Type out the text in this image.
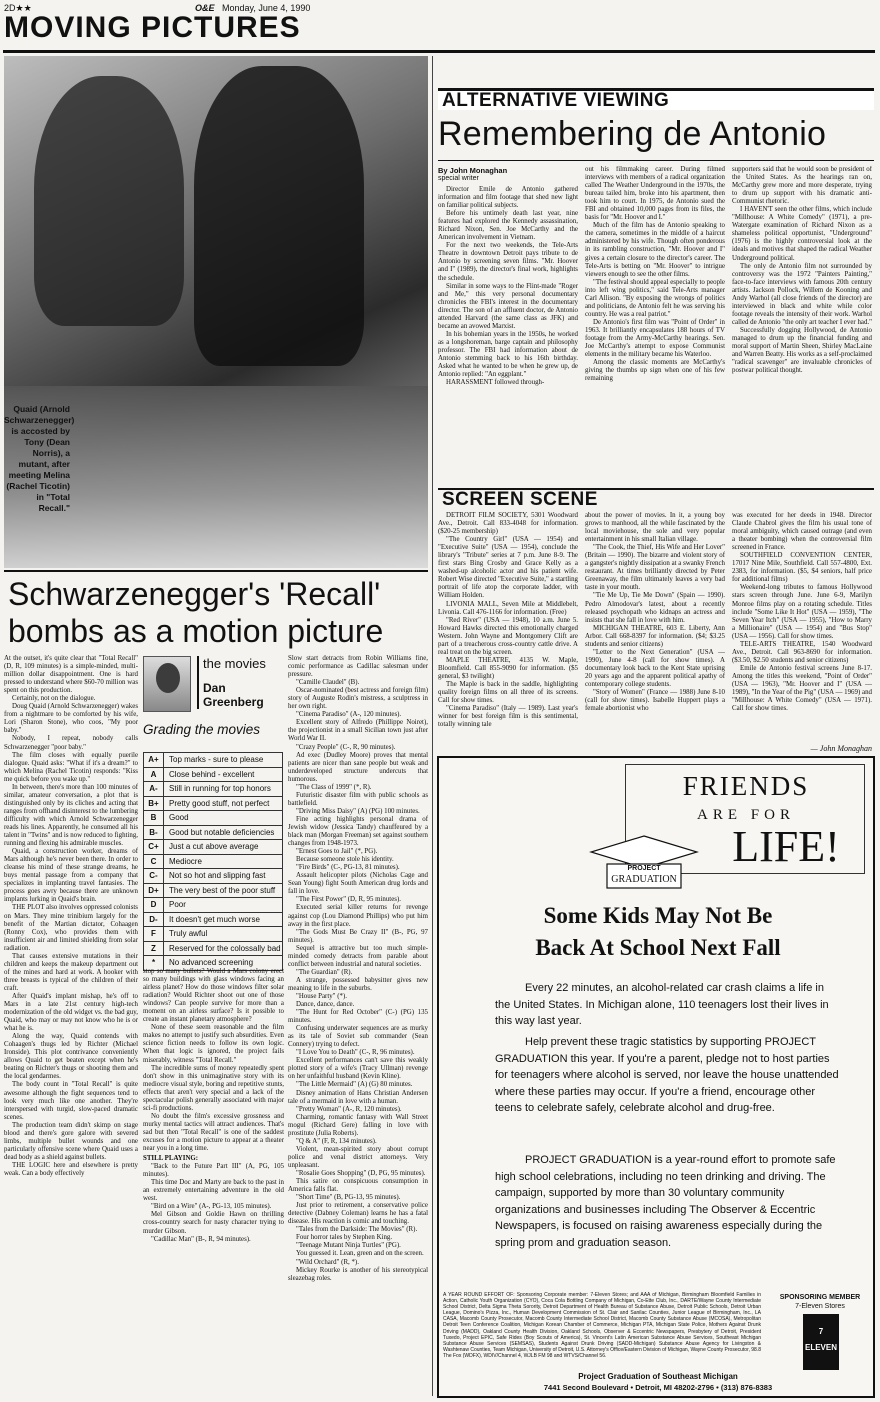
2D★★	O&E Monday, June 4, 1990
MOVING PICTURES
Quaid (Arnold Schwarzenegger) is accosted by Tony (Dean Norris), a mutant, after meeting Melina (Rachel Ticotin) in "Total Recall."
Schwarzenegger's 'Recall' bombs as a motion picture

At the outset, it's quite clear that "Total Recall" (D, R, 109 minutes) is a simple-minded, multi-million dollar disappointment. One is hard pressed to understand where $60-70 million was spent on this production.

Certainly, not on the dialogue.

Doug Quaid (Arnold Schwarzenegger) wakes from a nightmare to be comforted by his wife, Lori (Sharon Stone), who coos, "My poor baby."

Nobody, I repeat, nobody calls Schwarzenegger "poor baby."

The film closes with equally puerile dialogue. Quaid asks: "What if it's a dream?" to which Melina (Rachel Ticotin) responds: "Kiss me quick before you wake up."

In between, there's more than 100 minutes of similar, amateur conversation, a plot that is distinguished only by its cliches and acting that ranges from offhand disinterest to the lumbering difficulty with which Arnold Schwarzenegger reads his lines. Apparently, he consumed all his talent in "Twins" and is now reduced to fighting, running and flexing his admirable muscles.

Quaid, a construction worker, dreams of Mars although he's never been there. In order to cleanse his mind of these strange dreams, he buys mental passage from a company that specializes in implanting travel fantasies. The process goes awry because there are unknown implants lurking in Quaid's brain.

THE PLOT also involves oppressed colonists on Mars. They mine trinibium largely for the benefit of the Martian dictator, Cohaagen (Ronny Cox), who provides them with insufficient air and limited shielding from solar radiation.

That causes extensive mutations in their children and keeps the makeup department out of the mines and hard at work. A hooker with three breasts is typical of the children of their craft.

After Quaid's implant mishap, he's off to Mars in a late 21st century high-tech modernization of the old widget vs. the bad guy, Quaid, who may or may not know who he is or what he is.

Along the way, Quaid contends with Cohaagen's thugs led by Richter (Michael Ironside). This plot contrivance conveniently allows Quaid to get beaten except when he's beating on Richter's thugs or shooting them and the local gendarmes.

The body count in "Total Recall" is quite awesome although the fight sequences tend to look very much like one another. They're interspersed with turgid, slow-paced dramatic scenes.

The production team didn't skimp on stage blood and there's gore galore with severed limbs, multiple bullet wounds and one particularly offensive scene where Quaid uses a dead body as a shield against bullets.

THE LOGIC here and elsewhere is pretty weak. Can a body effectively

the movies
Dan
Greenberg
Grading the movies
A+	Top marks - sure to please
A	Close behind - excellent
A-	Still in running for top honors
B+	Pretty good stuff, not perfect
B	Good
B-	Good but notable deficiencies
C+	Just a cut above average
C	Mediocre
C-	Not so hot and slipping fast
D+	The very best of the poor stuff
D	Poor
D-	It doesn't get much worse
F	Truly awful
Z	Reserved for the colossally bad
*	No advanced screening

stop so many bullets? Would a Mars colony erect so many buildings with glass windows facing an airless planet? How do those windows filter solar radiation? Would Richter shoot out one of those windows? Can people survive for more than a moment on an airless surface? Is it possible to create an instant planetary atmosphere?

None of these seem reasonable and the film makes no attempt to justify such absurdities. Even science fiction needs to follow its own logic. When that logic is ignored, the project fails miserably, witness "Total Recall."

The incredible sums of money repeatedly spent don't show in this unimaginative story with its mediocre visual style, boring and repetitive stunts, effects that aren't very special and a lack of the spectacular polish generally associated with major sci-fi productions.

No doubt the film's excessive grossness and murky mental tactics will attract audiences. That's sad but then "Total Recall" is one of the saddest excuses for a motion picture to appear at a theater near you in a long time.

STILL PLAYING:

"Back to the Future Part III" (A, PG, 105 minutes).

This time Doc and Marty are back to the past in an extremely entertaining adventure in the old west.

"Bird on a Wire" (A-, PG-13, 105 minutes).

Mel Gibson and Goldie Hawn on thrilling cross-country search for nasty character trying to murder Gibson.

"Cadillac Man" (B-, R, 94 minutes).

Slow start detracts from Robin Williams fine, comic performance as Cadillac salesman under pressure.

"Camille Claudel" (B).

Oscar-nominated (best actress and foreign film) story of Auguste Rodin's mistress, a sculptress in her own right.

"Cinema Paradiso" (A-, 120 minutes).

Excellent story of Alfredo (Phillippe Noiret), the projectionist in a small Sicilian town just after World War II.

"Crazy People" (C-, R, 90 minutes).

Ad exec (Dudley Moore) proves that mental patients are nicer than sane people but weak and underdeveloped structure undercuts that humorous.

"The Class of 1999" (*, R).

Futuristic disaster film with public schools as battlefield.

"Driving Miss Daisy" (A) (PG) 100 minutes.

Fine acting highlights personal drama of Jewish widow (Jessica Tandy) chauffeured by a black man (Morgan Freeman) set against southern changes from 1948-1973.

"Ernest Goes to Jail" (*, PG).

Because someone stole his identity.

"Fire Birds" (C-, PG-13, 81 minutes).

Assault helicopter pilots (Nicholas Cage and Sean Young) fight South American drug lords and fall in love.

"The First Power" (D, R, 95 minutes).

Executed serial killer returns for revenge against cop (Lou Diamond Phillips) who put him away in the first place.

"The Gods Must Be Crazy II" (B-, PG, 97 minutes).

Sequel is attractive but too much simple-minded comedy detracts from parable about conflict between industrial and natural societies.

"The Guardian" (R).

A strange, possessed babysitter gives new meaning to life in the suburbs.

"House Party" (*).

Dance, dance, dance.

"The Hunt for Red October" (C-) (PG) 135 minutes.

Confusing underwater sequences are as murky as its tale of Soviet sub commander (Sean Connery) trying to defect.

"I Love You to Death" (C-, R, 96 minutes).

Excellent performances can't save this weakly plotted story of a wife's (Tracy Ullman) revenge on her unfaithful husband (Kevin Kline).

"The Little Mermaid" (A) (G) 80 minutes.

Disney animation of Hans Christian Andersen tale of a mermaid in love with a human.

"Pretty Woman" (A-, R, 120 minutes).

Charming, romantic fantasy with Wall Street mogul (Richard Gere) falling in love with prostitute (Julia Roberts).

"Q & A" (F, R, 134 minutes).

Violent, mean-spirited story about corrupt police and venal district attorneys. Very unpleasant.

"Rosalie Goes Shopping" (D, PG, 95 minutes).

This satire on conspicuous consumption in America falls flat.

"Short Time" (B, PG-13, 95 minutes).

Just prior to retirement, a conservative police detective (Dabney Coleman) learns he has a fatal disease. His reaction is comic and touching.

"Tales from the Darkside: The Movies" (R).

Four horror tales by Stephen King.

"Teenage Mutant Ninja Turtles" (PG).

You guessed it. Lean, green and on the screen.

"Wild Orchard" (R, *).

Mickey Rourke is another of his stereotypical sleazebag roles.

ALTERNATIVE VIEWING
Remembering de Antonio
By John Monaghan
special writer

Director Emile de Antonio gathered information and film footage that shed new light on familiar political subjects.

Before his untimely death last year, nine features had explored the Kennedy assassination, Richard Nixon, Sen. Joe McCarthy and the American involvement in Vietnam.

For the next two weekends, the Tele-Arts Theatre in downtown Detroit pays tribute to de Antonio by screening seven films. "Mr. Hoover and I" (1989), the director's final work, highlights the schedule.

Similar in some ways to the Flint-made "Roger and Me," this very personal documentary chronicles the FBI's interest in the documentary director. The son of an affluent doctor, de Antonio attended Harvard (the same class as JFK) and became an avowed Marxist.

In his bohemian years in the 1950s, he worked as a longshoreman, barge captain and philosophy professor. The FBI had information about de Antonio stemming back to his 16th birthday. Asked what he wanted to be when he grew up, de Antonio replied: "An eggplant."

HARASSMENT followed through-

out his filmmaking career. During filmed interviews with members of a radical organization called The Weather Underground in the 1970s, the bureau tailed him, broke into his apartment, then took him to court. In 1975, de Antonio sued the FBI and obtained 10,000 pages from its files, the basis for "Mr. Hoover and I."

Much of the film has de Antonio speaking to the camera, sometimes in the middle of a haircut administered by his wife. Though often ponderous in its rambling construction, "Mr. Hoover and I" gives a certain closure to the director's career. The Tele-Arts is betting on "Mr. Hoover" to intrigue viewers enough to see the other films.

"The festival should appeal especially to people into left wing politics," said Tele-Arts manager Carl Allison. "By exposing the wrongs of politics and politicians, de Antonio felt he was serving his country. He was a real patriot."

De Antonio's first film was "Point of Order" in 1963. It brilliantly encapsulates 188 hours of TV footage from the Army-McCarthy hearings. Sen. Joe McCarthy's attempt to expose Communist elements in the military became his Waterloo.

Among the classic moments are McCarthy's giving the thumbs up sign when one of his few remaining

supporters said that he would soon be president of the United States. As the hearings ran on, McCarthy grew more and more desperate, trying to drum up support with his dramatic anti-Communist rhetoric.

I HAVEN'T seen the other films, which include "Millhouse: A White Comedy" (1971), a pre-Watergate examination of Richard Nixon as a shameless political opportunist, "Underground" (1976) is the highly controversial look at the ideals and motives that shaped the radical Weather Underground political.

The only de Antonio film not surrounded by controversy was the 1972 "Painters Painting," face-to-face interviews with famous 20th century artists. Jackson Pollock, Willem de Kooning and Andy Warhol (all close friends of the director) are interviewed in black and white while color footage reveals the intensity of their work. Warhol called de Antonio "the only art teacher I ever had."

Successfully dogging Hollywood, de Antonio managed to drum up the financial funding and moral support of Martin Sheen, Shirley MacLaine and Warren Beatty. His works as a self-proclaimed "radical scavenger" are invaluable chronicles of postwar political thought.

SCREEN SCENE

DETROIT FILM SOCIETY, 5301 Woodward Ave., Detroit. Call 833-4048 for information. ($20-25 membership)

"The Country Girl" (USA — 1954) and "Executive Suite" (USA — 1954), conclude the library's "Tribute" series at 7 p.m. June 8-9. The first stars Bing Crosby and Grace Kelly as a washed-up alcoholic actor and his patient wife. Robert Wise directed "Executive Suite," a startling portrait of life atop the corporate ladder, with William Holden.

LIVONIA MALL, Seven Mile at Middlebelt, Livonia. Call 476-1166 for information. (Free)

"Red River" (USA — 1948), 10 a.m. June 5. Howard Hawks directed this emotionally charged Western. John Wayne and Montgomery Clift are part of a treacherous cross-country cattle drive. A real treat on the big screen.

MAPLE THEATRE, 4135 W. Maple, Bloomfield. Call 855-9090 for information. ($5 general, $3 twilight)

The Maple is back in the saddle, highlighting quality foreign films on all three of its screens. Call for show times.

"Cinema Paradiso" (Italy — 1989). Last year's winner for best foreign film is this sentimental, totally winning tale

about the power of movies. In it, a young boy grows to manhood, all the while fascinated by the local moviehouse, the sole and very popular entertainment in his small Italian village.

"The Cook, the Thief, His Wife and Her Lover" (Britain — 1990). The bizarre and violent story of a gangster's nightly dissipation at a swanky French restaurant. At times brilliantly directed by Peter Greenaway, the film ultimately leaves a very bad taste in your mouth.

"Tie Me Up, Tie Me Down" (Spain — 1990). Pedro Almodovar's latest, about a recently released psychopath who kidnaps an actress and insists that she fall in love with him.

MICHIGAN THEATRE, 603 E. Liberty, Ann Arbor. Call 668-8397 for information. ($4; $3.25 students and senior citizens)

"Letter to the Next Generation" (USA — 1990), June 4-8 (call for show times). A documentary look back to the Kent State uprising 20 years ago and the apparent political apathy of contemporary college students.

"Story of Women" (France — 1988) June 8-10 (call for show times). Isabelle Huppert plays a female abortionist who

was executed for her deeds in 1948. Director Claude Chabrol gives the film his usual tone of moral ambiguity, which caused outrage (and even a theater bombing) when the controversial film screened in France.

SOUTHFIELD CONVENTION CENTER, 17017 Nine Mile, Southfield. Call 557-4800, Ext. 2383, for information. ($5, $4 seniors, half price for additional films)

Weekend-long tributes to famous Hollywood stars screen through June. June 6-9, Marilyn Monroe films play on a rotating schedule. Titles include "Some Like It Hot" (USA — 1959), "The Seven Year Itch" (USA — 1955), "How to Marry a Millionaire" (USA — 1954) and "Bus Stop" (USA — 1956). Call for show times.

TELE-ARTS THEATRE, 1540 Woodward Ave., Detroit. Call 963-8690 for information. ($3.50, $2.50 students and senior citizens)

Emile de Antonio festival screens June 8-17. Among the titles this weekend, "Point of Order" (USA — 1963), "Mr. Hoover and I" (USA — 1989), "In the Year of the Pig" (USA — 1969) and "Millhouse: A White Comedy" (USA — 1971). Call for show times.

— John Monaghan
FRIENDS
ARE FOR
LIFE!
PROJECT
GRADUATION
Some Kids May Not Be
Back At School Next Fall
Every 22 minutes, an alcohol-related car crash claims a life in the United States. In Michigan alone, 110 teenagers lost their lives in this way last year.
Help prevent these tragic statistics by supporting PROJECT GRADUATION this year. If you're a parent, pledge not to host parties for teenagers where alcohol is served, nor leave the house unattended where these parties may occur. If you're a friend, encourage other teens to celebrate safely, celebrate alcohol and drug-free.
PROJECT GRADUATION is a year-round effort to promote safe high school celebrations, including no teen drinking and driving. The campaign, supported by more than 30 voluntary community organizations and businesses including The Observer & Eccentric Newspapers, is focused on raising awareness especially during the spring prom and graduation season.
A YEAR ROUND EFFORT OF: Sponsoring Corporate member: 7-Eleven Stores; and AAA of Michigan, Birmingham Bloomfield Families in Action, Catholic Youth Organization (CYO), Coca Cola Bottling Company of Michigan, Co-Ette Club, Inc., DARTE/Wayne County Intermediate School District, Delta Sigma Theta Sorority, Detroit Department of Health Bureau of Substance Abuse, Detroit Public Schools, Detroit Urban League, Domino's Pizza, Inc., Human Development Commission of St. Clair and Sanilac Counties, Junior League of Birmingham, Inc., LA CASA, Macomb County Prosecutor, Macomb County Intermediate School District, Macomb County Substance Abuse (MCOSA), Metropolitan Detroit Teen Conference Coalition, Michigan Korean Chamber of Commerce, Michigan PTA, Michigan State Police, Mothers Against Drunk Driving (MADD), Oakland County Health Division, Oakland Schools, Observer & Eccentric Newspapers, Presbytery of Detroit, President Tuxedo, Project EPIC, Safe Rides (Boy Scouts of America), St. Vincent's Latin American Substance Abuse Services, Southeast Michigan Substance Abuse Services (SEMSAS), Students Against Drunk Driving (SADD-Michigan) Substance Abuse Agency for Livingston & Washtenaw Counties, Team Michigan, University of Detroit, U.S. Attorney's Office/Eastern Division of Michigan, Wayne County Prosecutor, 98.8 The Fox (WDFX), WDIV/Channel 4, WJLB FM 98 and WTVS/Channel 56.
SPONSORING MEMBER
7-Eleven Stores
7 ELEVEN
Project Graduation of Southeast Michigan
7441 Second Boulevard • Detroit, MI 48202-2796 • (313) 876-8383
